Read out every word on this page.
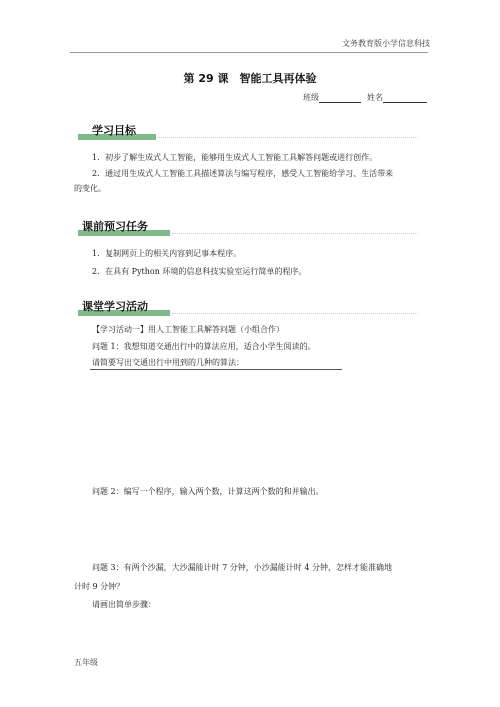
文务教育版小学信息科技
第 29 课　智能工具再体验
班级	姓名
学习目标
1．初步了解生成式人工智能，能够用生成式人工智能工具解答问题或进行创作。
2．通过用生成式人工智能工具描述算法与编写程序，感受人工智能给学习、生活带来
的变化。
课前预习任务
1．复制网页上的相关内容到记事本程序。
2．在具有 Python 环境的信息科技实验室运行简单的程序。
课堂学习活动
【学习活动一】用人工智能工具解答问题（小组合作）
问题 1：我想知道交通出行中的算法应用，适合小学生阅读的。
请简要写出交通出行中用到的几种的算法：
问题 2：编写一个程序，输入两个数，计算这两个数的和并输出。
问题 3：有两个沙漏，大沙漏能计时 7 分钟，小沙漏能计时 4 分钟，怎样才能准确地
计时 9 分钟？
请画出简单步骤：
五年级
